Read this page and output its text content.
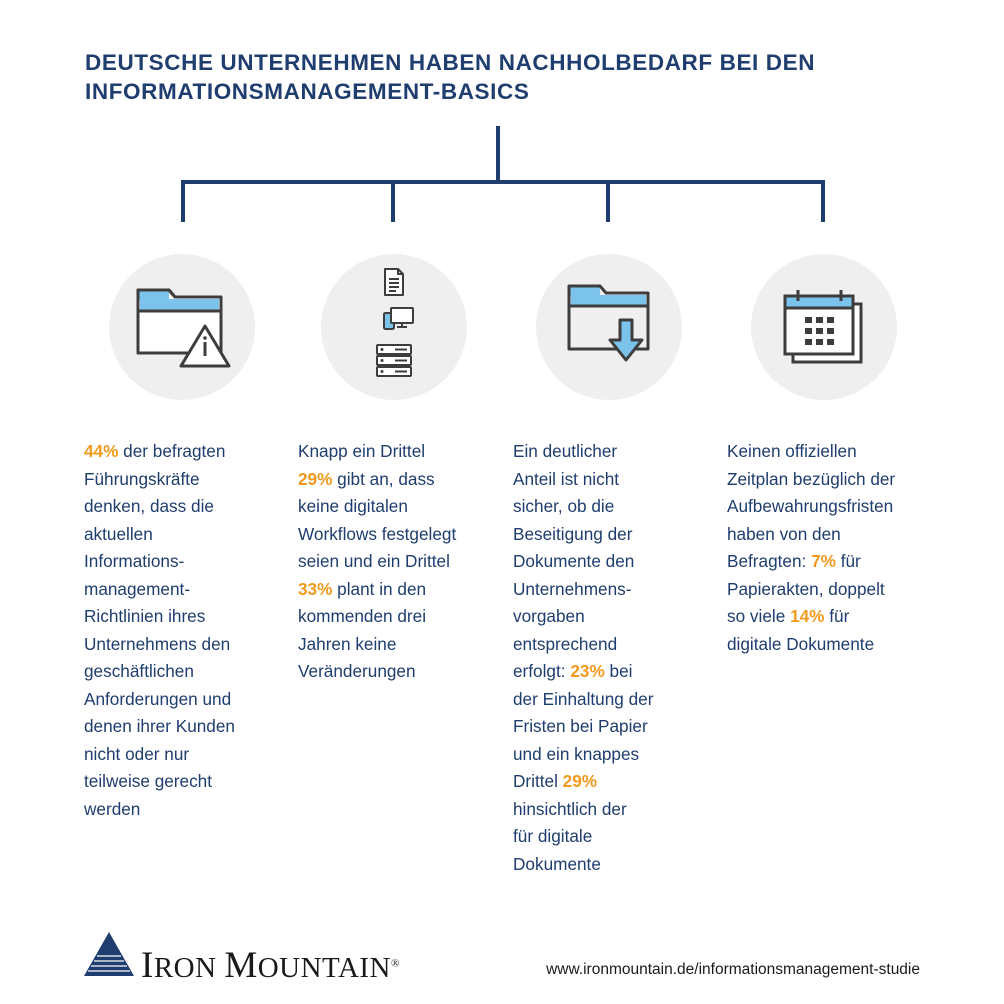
DEUTSCHE UNTERNEHMEN HABEN NACHHOLBEDARF BEI DEN
INFORMATIONSMANAGEMENT-BASICS

44% der befragten

Führungskräfte

denken, dass die

aktuellen

Informations-

management-

Richtlinien ihres

Unternehmens den

geschäftlichen

Anforderungen und

denen ihrer Kunden

nicht oder nur

teilweise gerecht

werden

Knapp ein Drittel

29% gibt an, dass

keine digitalen

Workflows festgelegt

seien und ein Drittel

33% plant in den

kommenden drei

Jahren keine

Veränderungen

Ein deutlicher

Anteil ist nicht

sicher, ob die

Beseitigung der

Dokumente den

Unternehmens-

vorgaben

entsprechend

erfolgt: 23% bei

der Einhaltung der

Fristen bei Papier

und ein knappes

Drittel 29%

hinsichtlich der

für digitale

Dokumente

Keinen offiziellen

Zeitplan bezüglich der

Aufbewahrungsfristen

haben von den

Befragten: 7% für

Papierakten, doppelt

so viele 14% für

digitale Dokumente

IRON MOUNTAIN®	www.ironmountain.de/informationsmanagement-studie
